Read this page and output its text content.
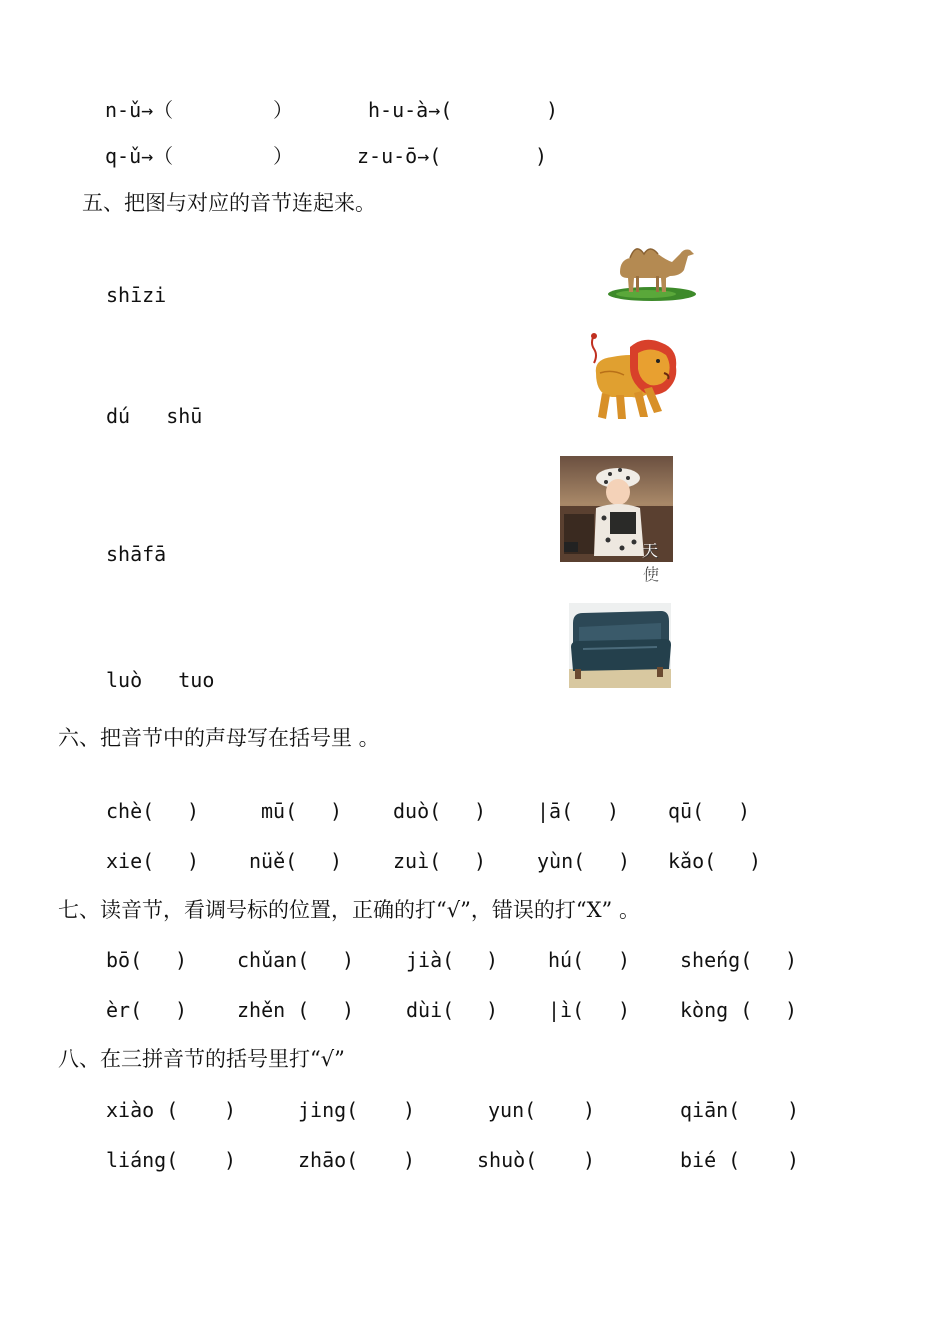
n-ǔ→（	）	h-u-à→(	)
q-ǔ→（	）	z-u-ō→(	)
五、把图与对应的音节连起来。
shīzi
dú   shū
shāfā
luò   tuo
天使
六、把音节中的声母写在括号里 。
chè( )	mū( )	duò( )	|ā( ) qū( )
xie( ) nüě( )	zuì( )	yùn( ) kǎo( )
七、读音节，看调号标的位置，正确的打“√”，错误的打“X” 。
bō( ) chǔan( )	jià( ) hú( ) sheńg( )
èr( ) zhěn ( )	dùi( ) |ì( ) kòng ( )
八、在三拼音节的括号里打“√”
xiào ( )	jing( )	yun( )	qiān( )
liáng( )	zhāo( )	shuò( )	bié ( )
